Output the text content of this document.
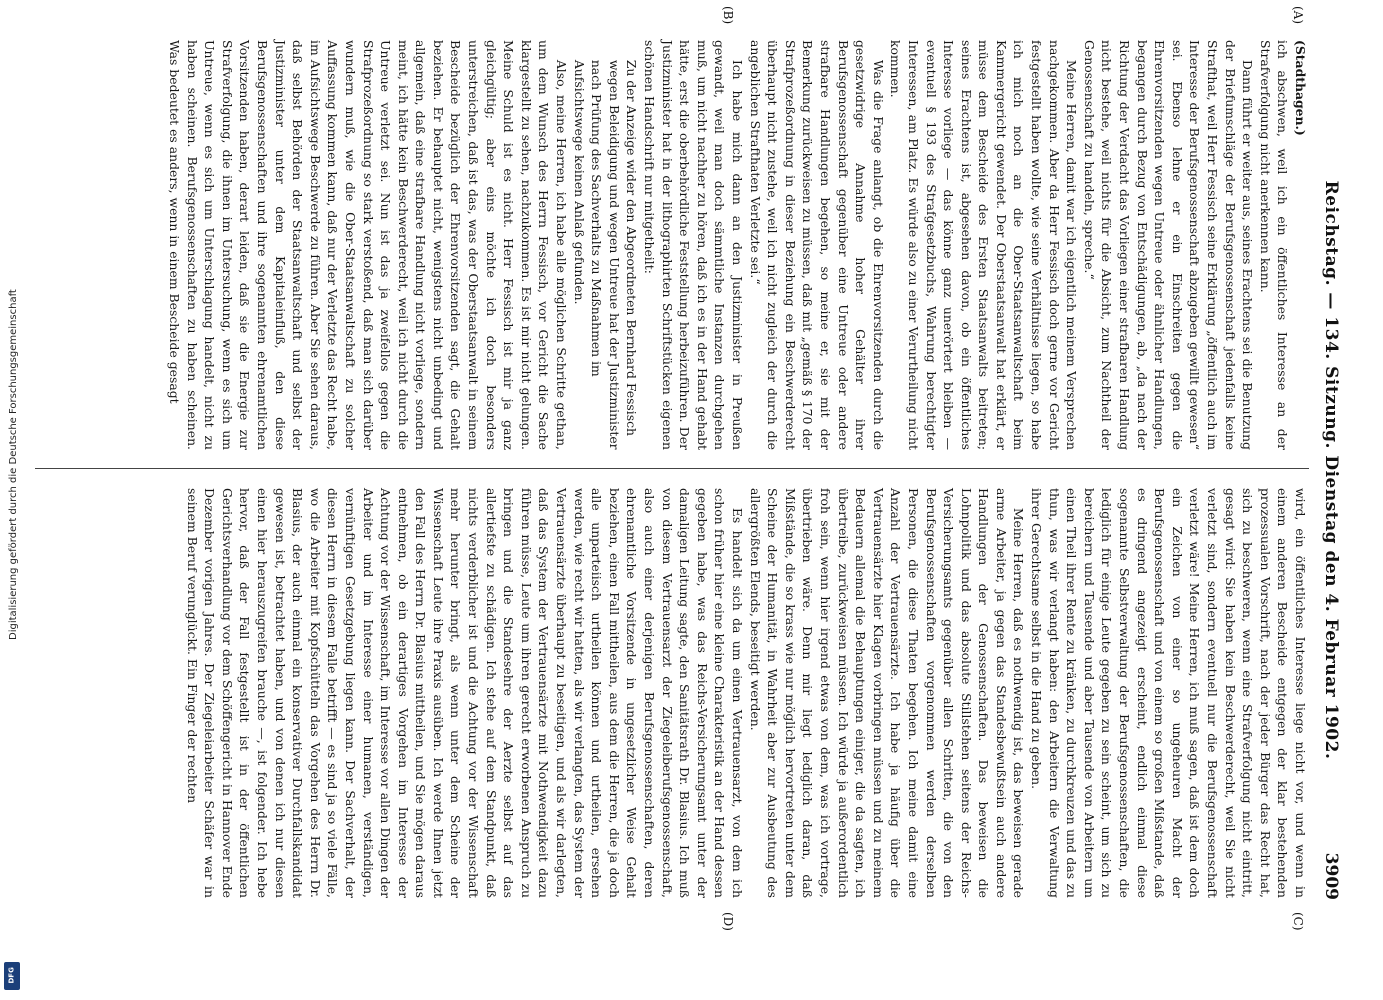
Reichstag. — 134. Sitzung. Dienstag den 4. Februar 1902.
3909
(A)
(B)
(C)
(D)

(Stadthagen.)

ich abschwen, weil ich ein öffentliches Interesse an der Strafverfolgung nicht anerkennen kann.

Dann führt er weiter aus, seines Erachtens sei die Benutzung der Briefumschläge der Berufsgenossenschaft jedenfalls keine Strafthat, weil Herr Fessisch seine Erklärung „öffentlich auch im Interesse der Berufsgenossenschaft abzugeben gewillt gewesen“ sei. Ebenso lehne er ein Einschreiten gegen die Ehrenvorsitzenden wegen Untreue oder ähnlicher Handlungen, begangen durch Bezug von Entschädigungen, ab, „da nach der Richtung der Verdacht das Vorliegen einer strafbaren Handlung nicht bestehe, weil nichts für die Absicht, zum Nachtheil der Genossenschaft zu handeln, spreche.“

Meine Herren, damit war ich eigentlich meinem Versprechen nachgekommen. Aber da Herr Fessisch doch gerne vor Gericht festgestellt haben wollte, wie seine Verhältnisse liegen, so habe ich mich noch an die Ober-Staatsanwaltschaft beim Kammergericht gewendet. Der Oberstaatsanwalt hat erklärt, er müsse dem Bescheide des Ersten Staatsanwalts beitreten; seines Erachtens ist, abgesehen davon, ob ein öffentliches Interesse vorliege — das könne ganz unerörtert bleiben — eventuell § 193 des Strafgesetzbuchs, Wahrung berechtigter Interessen, am Platz. Es würde also zu einer Verurtheilung nicht kommen.

Was die Frage anlangt, ob die Ehrenvorsitzenden durch die gesetzwidrige Annahme hoher Gehälter ihrer Berufsgenossenschaft gegenüber eine Untreue oder andere strafbare Handlungen begehen, so meine er, sie mit der Bemerkung zurückweisen zu müssen, daß mit „gemäß § 170 der Strafprozeßordnung in dieser Beziehung ein Beschwerderecht überhaupt nicht zustehe, weil ich nicht zugleich der durch die angeblichen Strafthaten Verletzte sei.“

Ich habe mich dann an den Justizminister in Preußen gewandt, weil man doch sämmtliche Instanzen durchgehen muß, um nicht nachher zu hören, daß ich es in der Hand gehabt hätte, erst die oberbehördliche Feststellung herbeizuführen. Der Justizminister hat in der lithographirten Schriftstücken eigenen schönen Handschrift nur mitgetheilt:

Zu der Anzeige wider den Abgeordneten Bernhard Fessisch wegen Beleidigung und wegen Untreue hat der Justizminister nach Prüfung des Sachverhalts zu Maßnahmen im Aufsichtswege keinen Anlaß gefunden.

Also, meine Herren, ich habe alle möglichen Schritte gethan, um dem Wunsch des Herrn Fessisch, vor Gericht die Sache klargestellt zu sehen, nachzukommen. Es ist mir nicht gelungen. Meine Schuld ist es nicht. Herr Fessisch ist mir ja ganz gleichgültig; aber eins möchte ich doch besonders unterstreichen, daß ist das, was der Oberstaatsanwalt in seinem Bescheide bezüglich der Ehrenvorsitzenden sagt, die Gehalt beziehen. Er behauptet nicht, wenigstens nicht unbedingt und allgemein, daß eine strafbare Handlung nicht vorliege, sondern meint, ich hätte kein Beschwerderecht, weil ich nicht durch die Untreue verletzt sei. Nun ist das ja zweifellos gegen die Strafprozeßordnung so stark verstoßend, daß man sich darüber wundern muß, wie die Ober-Staatsanwaltschaft zu solcher Auffassung kommen kann, daß nur der Verletzte das Recht habe, im Aufsichtswege Beschwerde zu führen. Aber Sie sehen daraus, daß selbst Behörden der Staatsanwaltschaft und selbst der Justizminister unter dem Kapitaleinfluß, den diese Berufsgenossenschaften und ihre sogenannten ehrenamtlichen Vorsitzenden haben, derart leiden, daß sie die Energie zur Strafverfolgung, die ihnen im Untersuchung, wenn es sich um Untreue, wenn es sich um Unterschlagung handelt, nicht zu haben scheinen. Berufsgenossenschaften zu haben scheinen. Was bedeutet es anders, wenn in einem Bescheide gesagt

wird, ein öffentliches Interesse liege nicht vor, und wenn in einem anderen Bescheide entgegen der klar bestehenden prozessualen Vorschrift, nach der jeder Bürger das Recht hat, sich zu beschweren, wenn eine Strafverfolgung nicht eintritt, gesagt wird: Sie haben kein Beschwerderecht, weil Sie nicht verletzt sind, sondern eventuell nur die Berufsgenossenschaft verletzt wäre! Meine Herren, ich muß sagen, daß ist dem doch ein Zeichen von einer so ungeheuren Macht der Berufsgenossenschaft und von einem so großen Mißstande, daß es dringend angezeigt erscheint, endlich einmal diese sogenannte Selbstverwaltung der Berufsgenossenschaften, die lediglich für einige Leute gegeben zu sein scheint, um sich zu bereichern und Tausende und aber Tausende von Arbeitern um einen Theil ihrer Rente zu kränken, zu durchkreuzen und das zu thun, was wir verlangt haben: den Arbeitern die Verwaltung ihrer Gerechtsame selbst in die Hand zu geben.

Meine Herren, daß es nothwendig ist, das beweisen gerade arme Arbeiter, ja gegen das Standesbewußtsein auch andere Handlungen der Genossenschaften. Das beweisen die Lohnpolitik und das absolute Stillstehen seitens der Reichs-Versicherungsamts gegenüber allen Schritten, die von den Berufsgenossenschaften vorgenommen werden derselben Personen, die diese Thaten begehen. Ich meine damit eine Anzahl der Vertrauensärzte. Ich habe ja häufig über die Vertrauensärzte hier Klagen vorbringen müssen und zu meinem Bedauern allemal die Behauptungen einiger, die da sagten, ich übertreibe, zurückweisen müssen. Ich würde ja außerordentlich froh sein, wenn hier irgend etwas von dem, was ich vortrage, übertrieben wäre. Denn mir liegt lediglich daran, daß Mißstände, die so krass wie nur möglich hervortreten unter dem Scheine der Humanität, in Wahrheit aber zur Ausbeutung des allergrößten Elends, beseitigt werden.

Es handelt sich da um einen Vertrauensarzt, von dem ich schon früher hier eine kleine Charakteristik an der Hand dessen gegeben habe, was das Reichs-Versicherungsamt unter der damaligen Leitung sagte, den Sanitätsrath Dr. Blasius. Ich muß von diesem Vertrauensarzt der Ziegeleiberufsgenossenschaft, also auch einer derjenigen Berufsgenossenschaften, deren ehrenamtliche Vorsitzende in ungesetzlicher Weise Gehalt beziehen, einen Fall mittheilen, aus dem die Herren, die ja doch alle unparteiisch urtheilen können und urtheilen, ersehen werden, wie recht wir hatten, als wir verlangten, das System der Vertrauensärzte überhaupt zu beseitigen, und als wir darlegten, daß das System der Vertrauensärzte mit Nothwendigkeit dazu führen müsse, Leute um ihren gerecht erworbenen Anspruch zu bringen und die Standesehre der Aerzte selbst auf das allertiefste zu schädigen. Ich stehe auf dem Standpunkt, daß nichts verderblicher ist und die Achtung vor der Wissenschaft mehr herunter bringt, als wenn unter dem Scheine der Wissenschaft Leute ihre Praxis ausüben. Ich werde Ihnen jetzt den Fall des Herrn Dr. Blasius mittheilen, und Sie mögen daraus entnehmen, ob ein derartiges Vorgehen im Interesse der Achtung vor der Wissenschaft, im Interesse vor allen Dingen der Arbeiter und im Interesse einer humanen, verständigen, vernünftigen Gesetzgebung liegen kann. Der Sachverhalt, der diesen Herrn in diesem Falle betrifft — es sind ja so viele Fälle, wo die Arbeiter mit Kopfschütteln das Vorgehen des Herrn Dr. Blasius, der auch einmal ein konservativer Durchfallskandidat gewesen ist, betrachtet haben, und von denen ich nur diesen einen hier herauszugreifen brauche —, ist folgender. Ich hebe hervor, daß der Fall festgestellt ist in der öffentlichen Gerichtsverhandlung vor dem Schöffengericht in Hannover Ende Dezember vorigen Jahres. Der Ziegeleiarbeiter Schäfer war in seinem Beruf verunglückt. Ein Finger der rechten

Digitalisierung gefördert durch die Deutsche Forschungsgemeinschaft
DFG
